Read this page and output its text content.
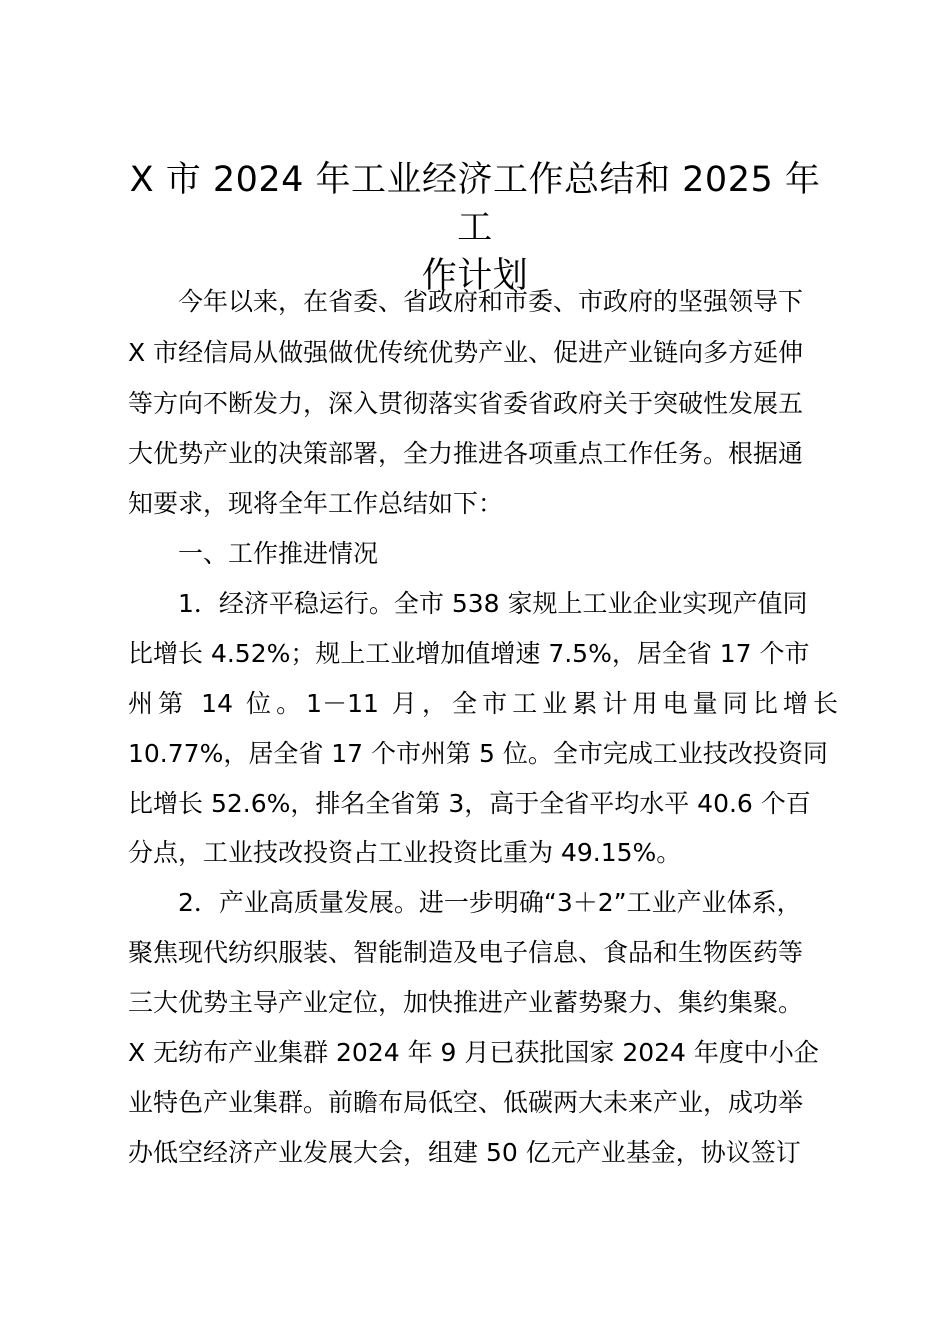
X 市 2024 年工业经济工作总结和 2025 年工
作计划
今年以来，在省委、省政府和市委、市政府的坚强领导下
X 市经信局从做强做优传统优势产业、促进产业链向多方延伸
等方向不断发力，深入贯彻落实省委省政府关于突破性发展五
大优势产业的决策部署，全力推进各项重点工作任务。根据通
知要求，现将全年工作总结如下：
一、工作推进情况
1．经济平稳运行。全市 538 家规上工业企业实现产值同
比增长 4.52%；规上工业增加值增速 7.5%，居全省 17 个市
州第 14 位。1－11 月，全市工业累计用电量同比增长
10.77%，居全省 17 个市州第 5 位。全市完成工业技改投资同
比增长 52.6%，排名全省第 3，高于全省平均水平 40.6 个百
分点，工业技改投资占工业投资比重为 49.15%。
2．产业高质量发展。进一步明确“3＋2”工业产业体系，
聚焦现代纺织服装、智能制造及电子信息、食品和生物医药等
三大优势主导产业定位，加快推进产业蓄势聚力、集约集聚。
X 无纺布产业集群 2024 年 9 月已获批国家 2024 年度中小企
业特色产业集群。前瞻布局低空、低碳两大未来产业，成功举
办低空经济产业发展大会，组建 50 亿元产业基金，协议签订
